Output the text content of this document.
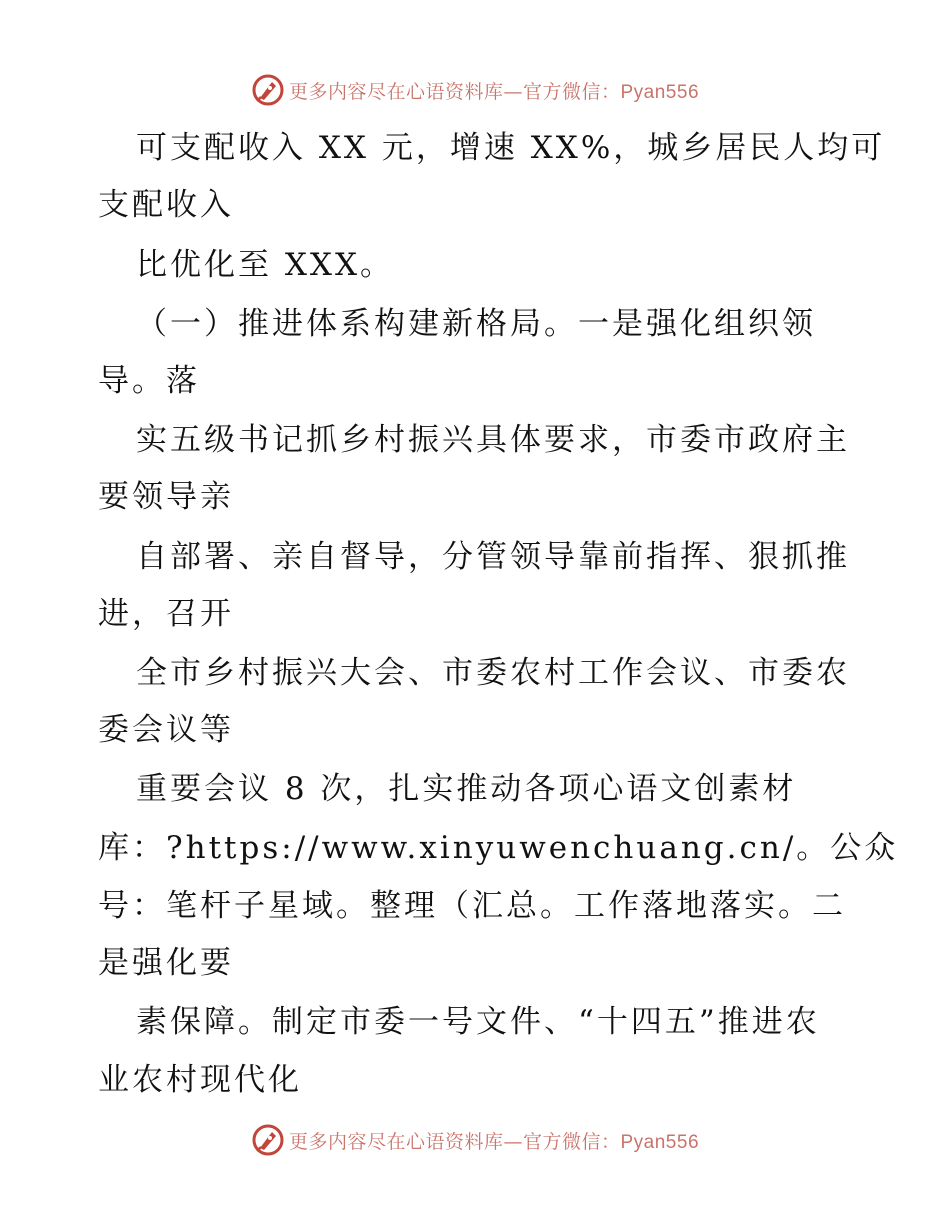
更多内容尽在心语资料库—官方微信：Pyan556
可支配收入 XX 元，增速 XX%，城乡居民人均可
支配收入
比优化至 XXX。
（一）推进体系构建新格局。一是强化组织领
导。落
实五级书记抓乡村振兴具体要求，市委市政府主
要领导亲
自部署、亲自督导，分管领导靠前指挥、狠抓推
进，召开
全市乡村振兴大会、市委农村工作会议、市委农
委会议等
重要会议 8 次，扎实推动各项心语文创素材
库：?https://www.xinyuwenchuang.cn/。公众
号：笔杆子星域。整理（汇总。工作落地落实。二
是强化要
素保障。制定市委一号文件、“十四五”推进农
业农村现代化
更多内容尽在心语资料库—官方微信：Pyan556
